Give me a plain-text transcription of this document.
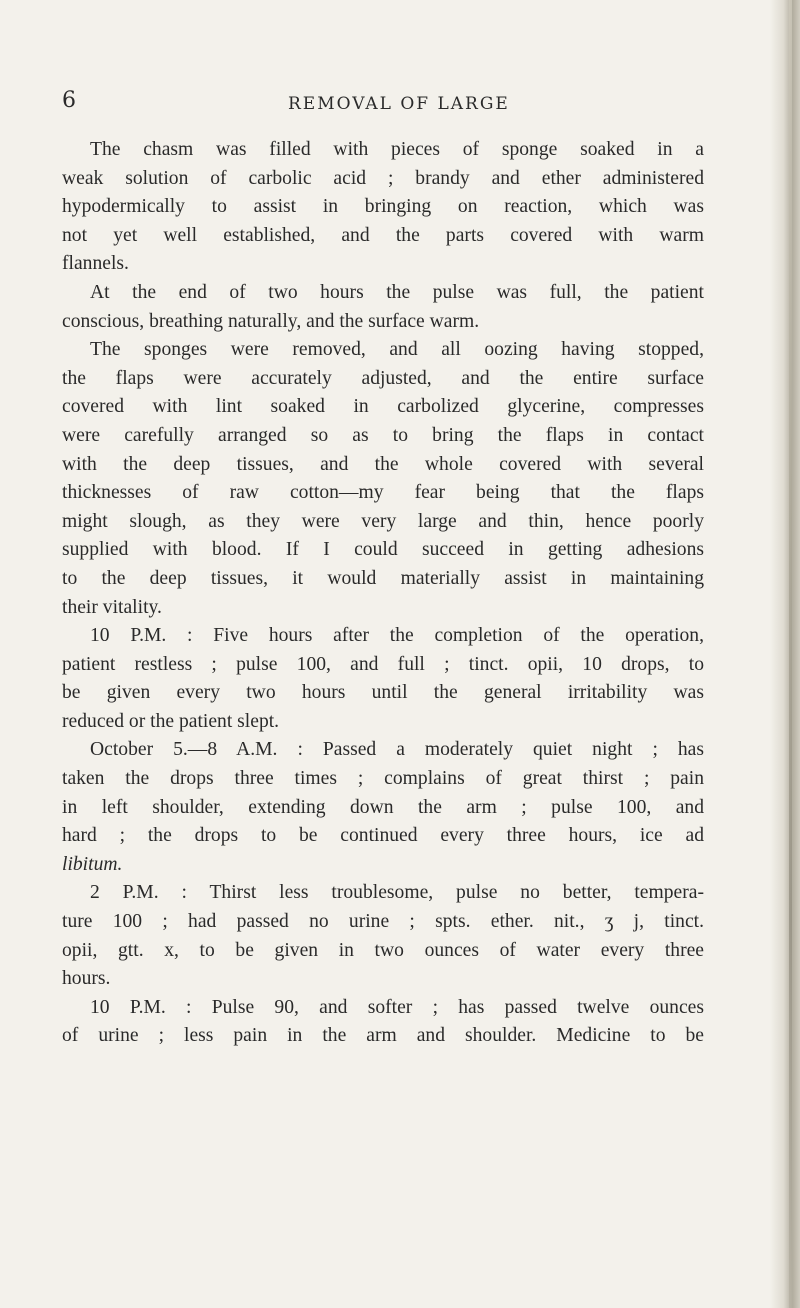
6	REMOVAL OF LARGE

The chasm was filled with pieces of sponge soaked in a
weak solution of carbolic acid ; brandy and ether administered
hypodermically to assist in bringing on reaction, which was
not yet well established, and the parts covered with warm
flannels.

At the end of two hours the pulse was full, the patient
conscious, breathing naturally, and the surface warm.

The sponges were removed, and all oozing having stopped,
the flaps were accurately adjusted, and the entire surface
covered with lint soaked in carbolized glycerine, compresses
were carefully arranged so as to bring the flaps in contact
with the deep tissues, and the whole covered with several
thicknesses of raw cotton—my fear being that the flaps
might slough, as they were very large and thin, hence poorly
supplied with blood. If I could succeed in getting adhesions
to the deep tissues, it would materially assist in maintaining
their vitality.

10 P.M. : Five hours after the completion of the operation,
patient restless ; pulse 100, and full ; tinct. opii, 10 drops, to
be given every two hours until the general irritability was
reduced or the patient slept.

October 5.—8 A.M. : Passed a moderately quiet night ; has
taken the drops three times ; complains of great thirst ; pain
in left shoulder, extending down the arm ; pulse 100, and
hard ; the drops to be continued every three hours, ice ad
libitum.

2 P.M. : Thirst less troublesome, pulse no better, tempera-
ture 100 ; had passed no urine ; spts. ether. nit., ʒ j, tinct.
opii, gtt. x, to be given in two ounces of water every three
hours.

10 P.M. : Pulse 90, and softer ; has passed twelve ounces
of urine ; less pain in the arm and shoulder. Medicine to be
